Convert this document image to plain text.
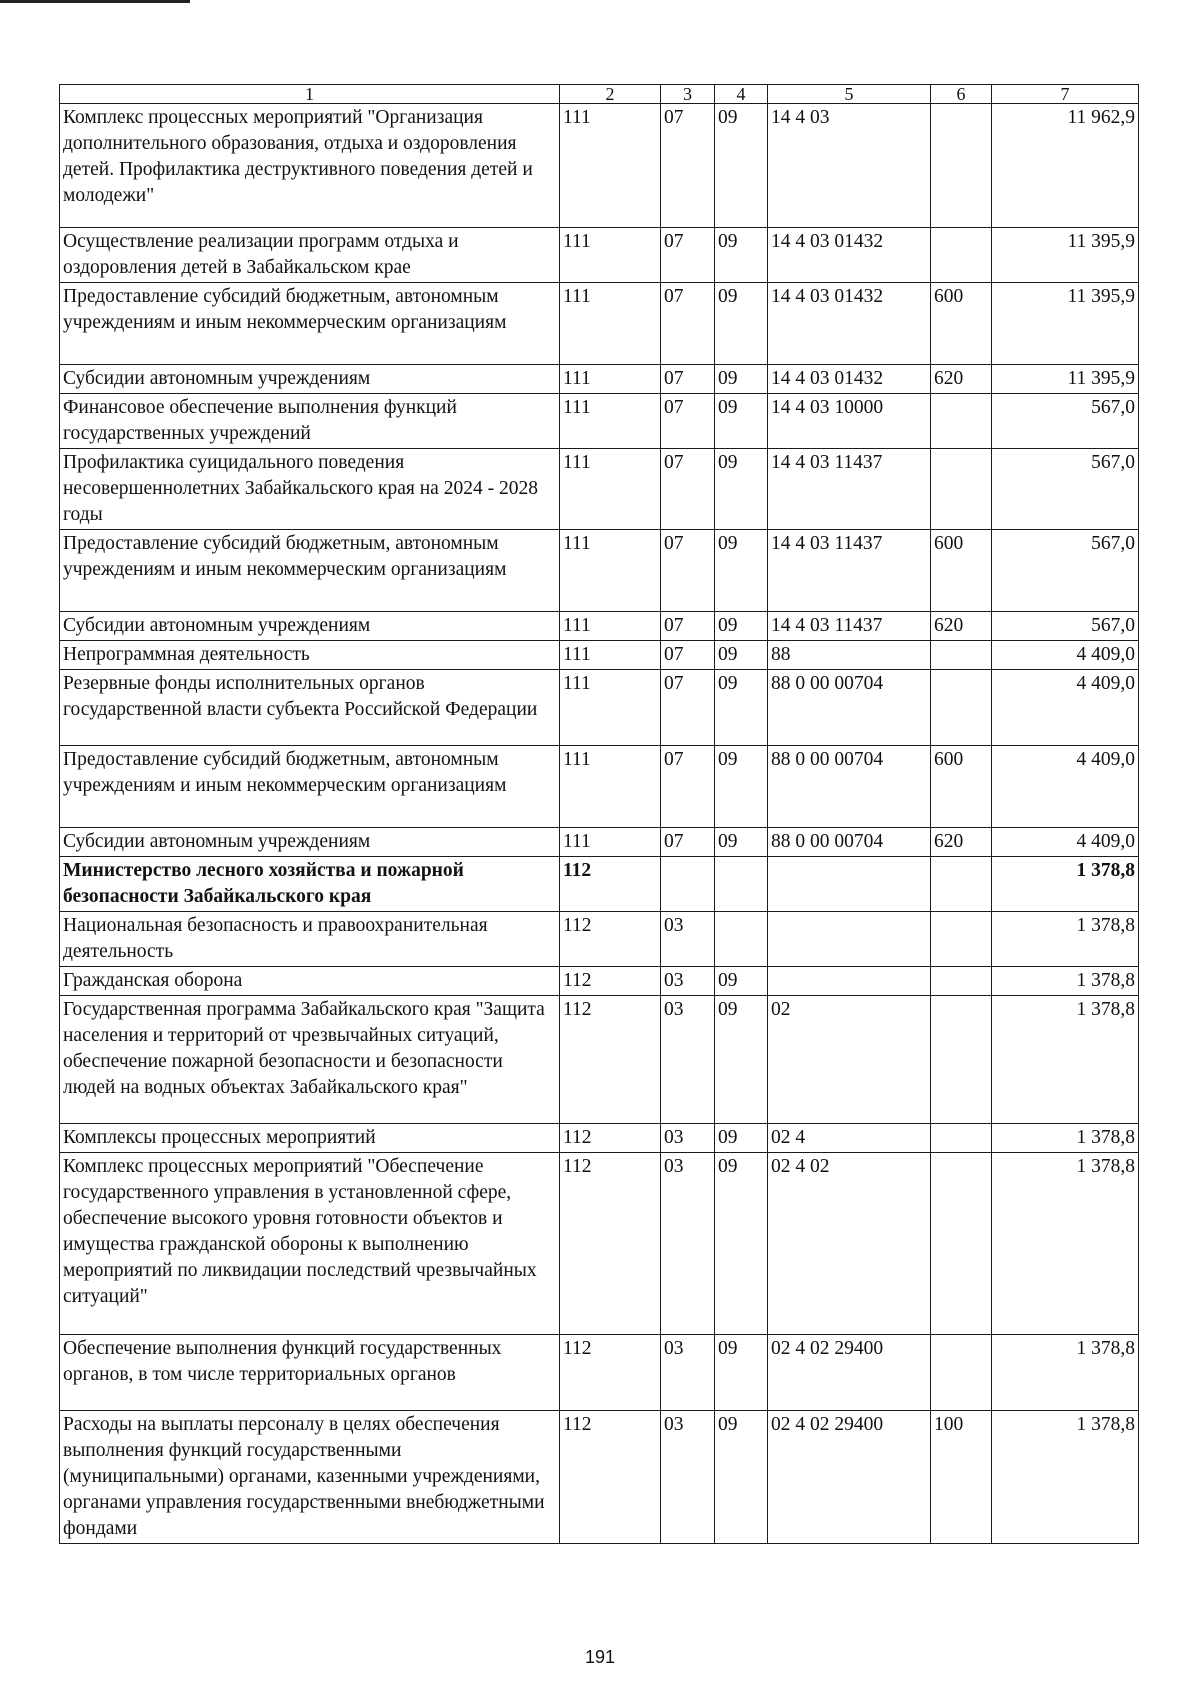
1	2	3	4	5	6	7
Комплекс процессных мероприятий "Организация дополнительного образования, отдыха и оздоровления детей. Профилактика деструктивного поведения детей и молодежи"	111	07	09	14 4 03		11 962,9
Осуществление реализации программ отдыха и оздоровления детей в Забайкальском крае	111	07	09	14 4 03 01432		11 395,9
Предоставление субсидий бюджетным, автономным учреждениям и иным некоммерческим организациям	111	07	09	14 4 03 01432	600	11 395,9
Субсидии автономным учреждениям	111	07	09	14 4 03 01432	620	11 395,9
Финансовое обеспечение выполнения функций государственных учреждений	111	07	09	14 4 03 10000		567,0
Профилактика суицидального поведения несовершеннолетних Забайкальского края на 2024 - 2028 годы	111	07	09	14 4 03 11437		567,0
Предоставление субсидий бюджетным, автономным учреждениям и иным некоммерческим организациям	111	07	09	14 4 03 11437	600	567,0
Субсидии автономным учреждениям	111	07	09	14 4 03 11437	620	567,0
Непрограммная деятельность	111	07	09	88		4 409,0
Резервные фонды исполнительных органов государственной власти субъекта Российской Федерации	111	07	09	88 0 00 00704		4 409,0
Предоставление субсидий бюджетным, автономным учреждениям и иным некоммерческим организациям	111	07	09	88 0 00 00704	600	4 409,0
Субсидии автономным учреждениям	111	07	09	88 0 00 00704	620	4 409,0
Министерство лесного хозяйства и пожарной безопасности Забайкальского края	112					1 378,8
Национальная безопасность и правоохранительная деятельность	112	03				1 378,8
Гражданская оборона	112	03	09			1 378,8
Государственная программа Забайкальского края "Защита населения и территорий от чрезвычайных ситуаций, обеспечение пожарной безопасности и безопасности людей на водных объектах Забайкальского края"	112	03	09	02		1 378,8
Комплексы процессных мероприятий	112	03	09	02 4		1 378,8
Комплекс процессных мероприятий "Обеспечение государственного управления в установленной сфере, обеспечение высокого уровня готовности объектов и имущества гражданской обороны к выполнению мероприятий по ликвидации последствий чрезвычайных ситуаций"	112	03	09	02 4 02		1 378,8
Обеспечение выполнения функций государственных органов, в том числе территориальных органов	112	03	09	02 4 02 29400		1 378,8
Расходы на выплаты персоналу в целях обеспечения выполнения функций государственными (муниципальными) органами, казенными учреждениями, органами управления государственными внебюджетными фондами	112	03	09	02 4 02 29400	100	1 378,8
191
